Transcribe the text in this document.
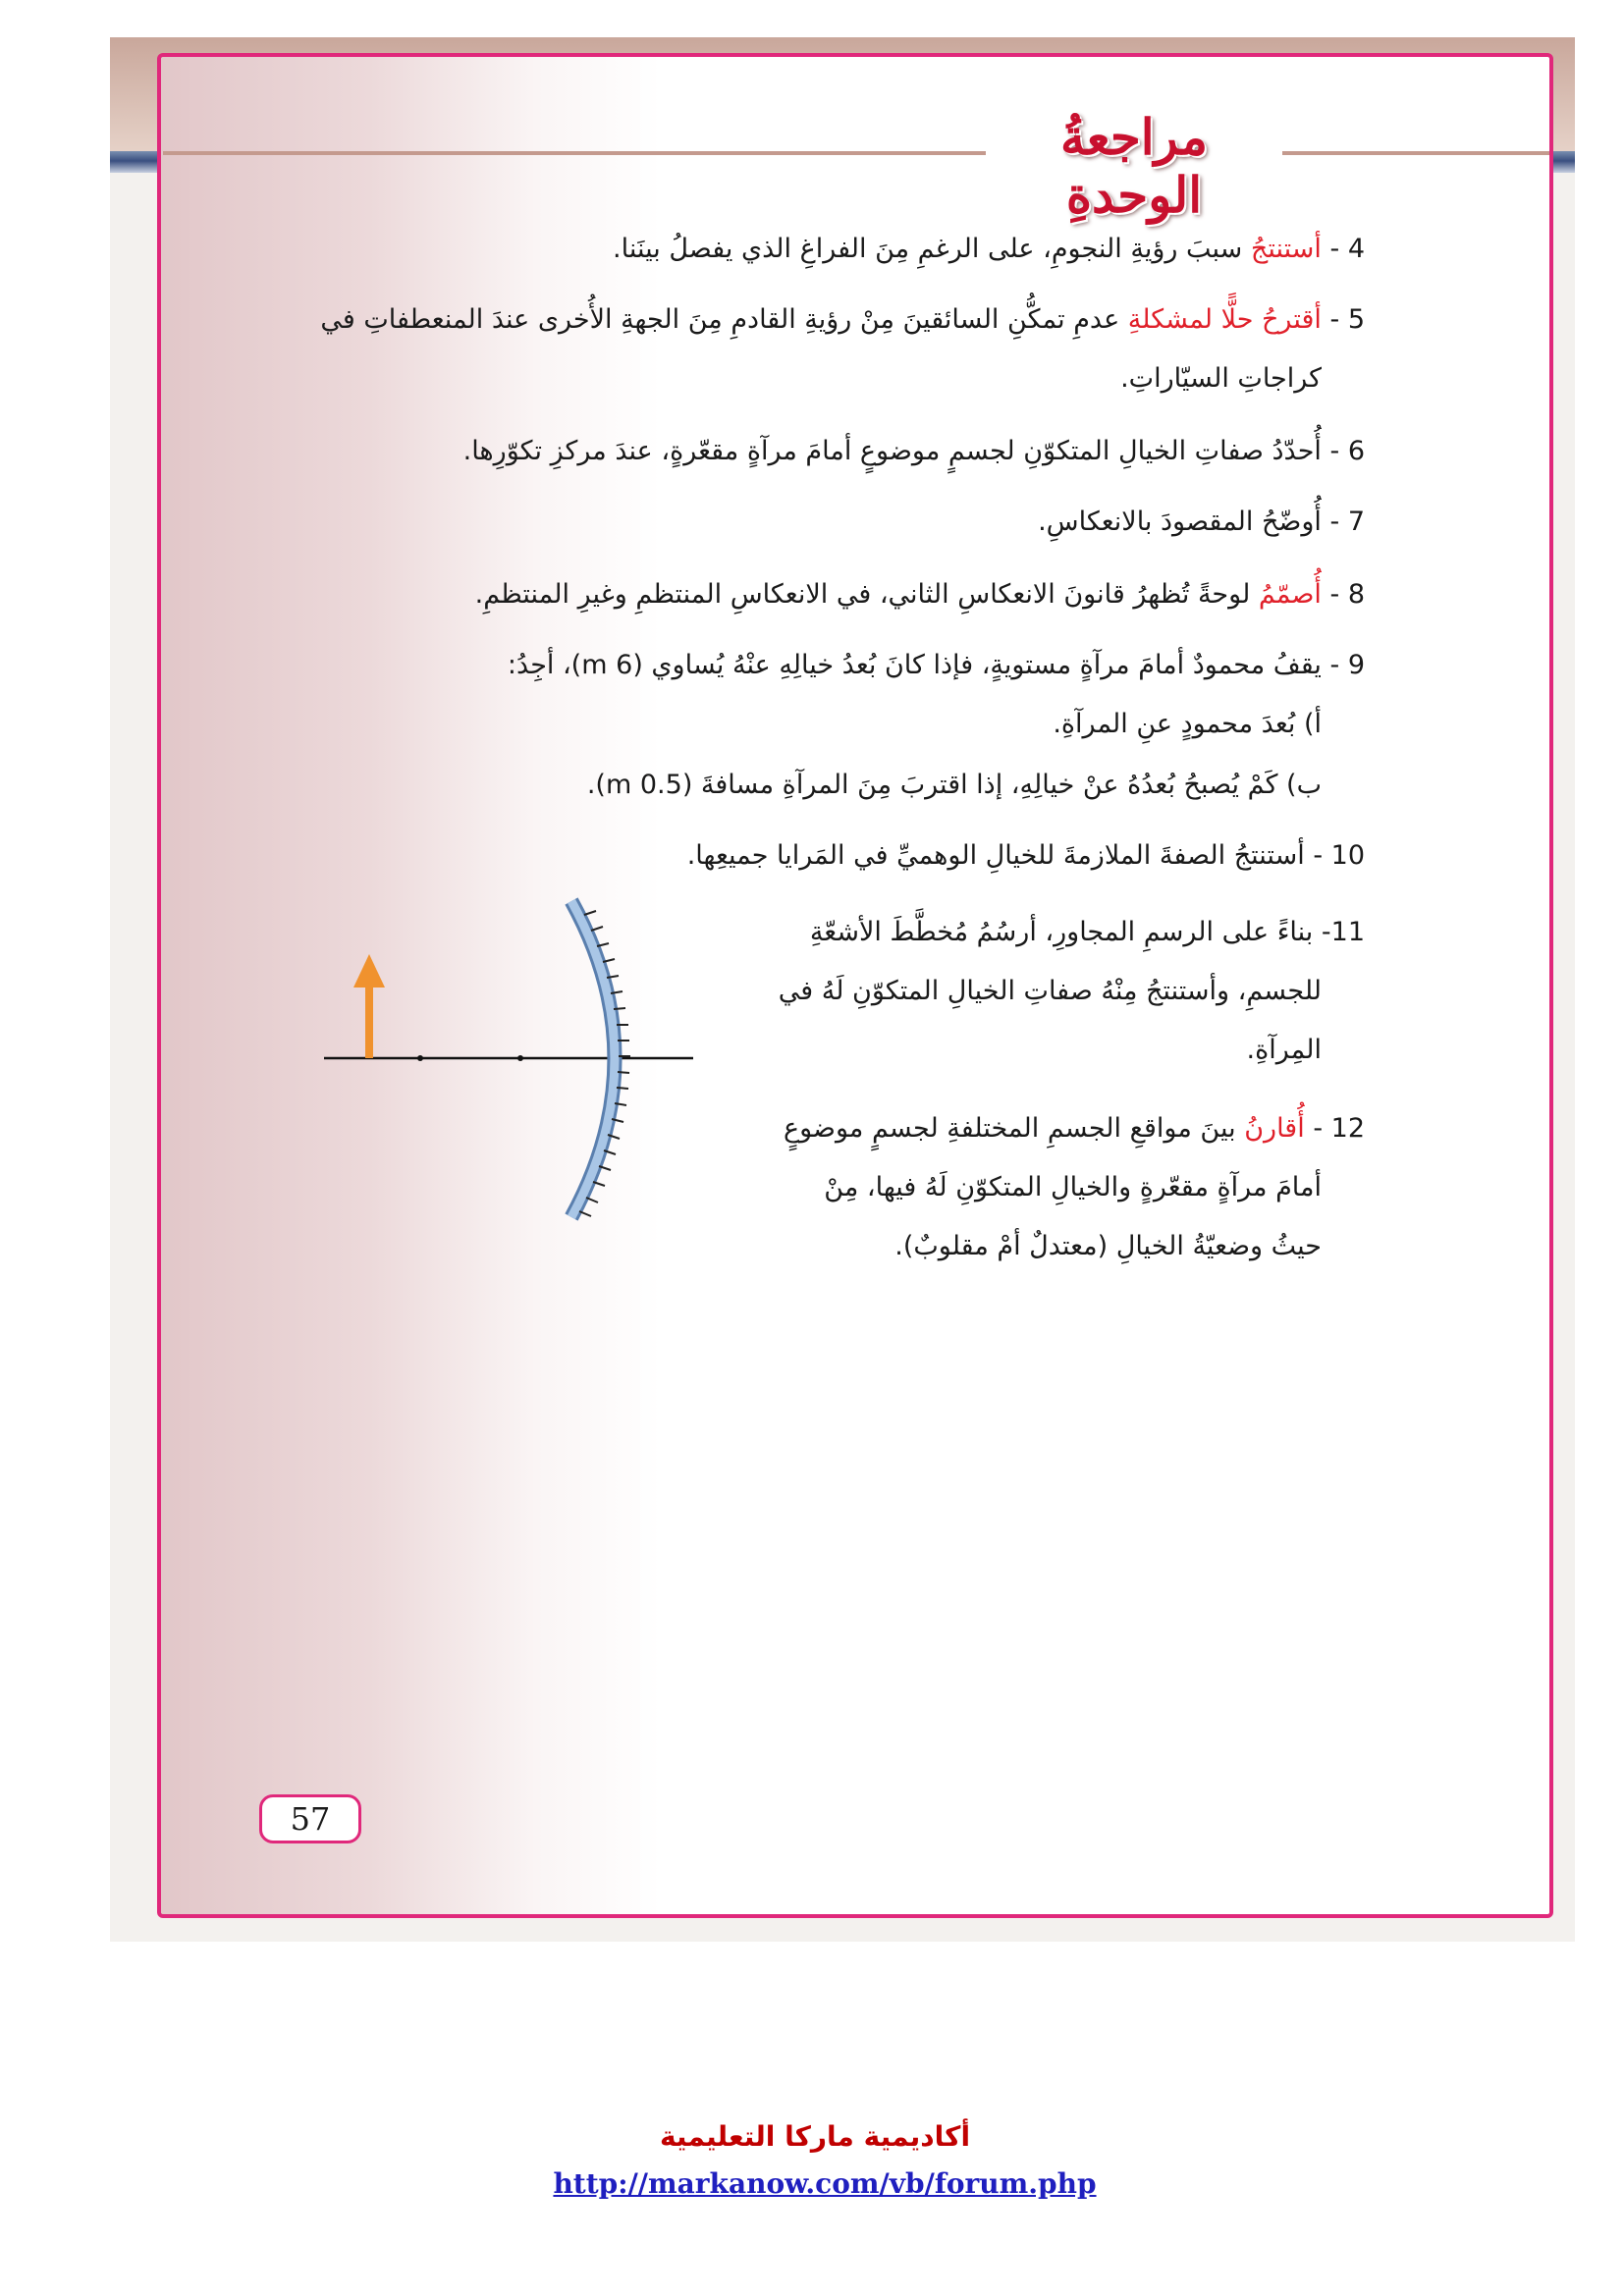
مراجعةُ الوحدةِ
4 - أستنتجُ سببَ رؤيةِ النجومِ، على الرغمِ مِنَ الفراغِ الذي يفصلُ بينَنا.
5 - أقترحُ حلًّا لمشكلةِ عدمِ تمكُّنِ السائقينَ مِنْ رؤيةِ القادمِ مِنَ الجهةِ الأُخرى عندَ المنعطفاتِ في
كراجاتِ السيّاراتِ.
6 - أُحدّدُ صفاتِ الخيالِ المتكوّنِ لجسمٍ موضوعٍ أمامَ مرآةٍ مقعّرةٍ، عندَ مركزِ تكوّرِها.
7 - أُوضّحُ المقصودَ بالانعكاسِ.
8 - أُصمّمُ لوحةً تُظهرُ قانونَ الانعكاسِ الثاني، في الانعكاسِ المنتظمِ وغيرِ المنتظمِ.
9 - يقفُ محمودٌ أمامَ مرآةٍ مستويةٍ، فإذا كانَ بُعدُ خيالِهِ عنْهُ يُساوي (6 m)، أجِدُ:
أ) بُعدَ محمودٍ عنِ المرآةِ.
ب) كَمْ يُصبحُ بُعدُهُ عنْ خيالِهِ، إذا اقتربَ مِنَ المرآةِ مسافةَ (0.5 m).
10 - أستنتجُ الصفةَ الملازمةَ للخيالِ الوهميِّ في المَرايا جميعِها.
11- بناءً على الرسمِ المجاورِ، أرسُمُ مُخطَّطَ الأشعّةِ
للجسمِ، وأستنتجُ مِنْهُ صفاتِ الخيالِ المتكوّنِ لَهُ في
المِرآةِ.
12 - أُقارنُ بينَ مواقعِ الجسمِ المختلفةِ لجسمٍ موضوعٍ
أمامَ مرآةٍ مقعّرةٍ والخيالِ المتكوّنِ لَهُ فيها، مِنْ
حيثُ وضعيّةُ الخيالِ (معتدلٌ أمْ مقلوبٌ).
57
أكاديمية ماركا التعليمية
http://markanow.com/vb/forum.php
